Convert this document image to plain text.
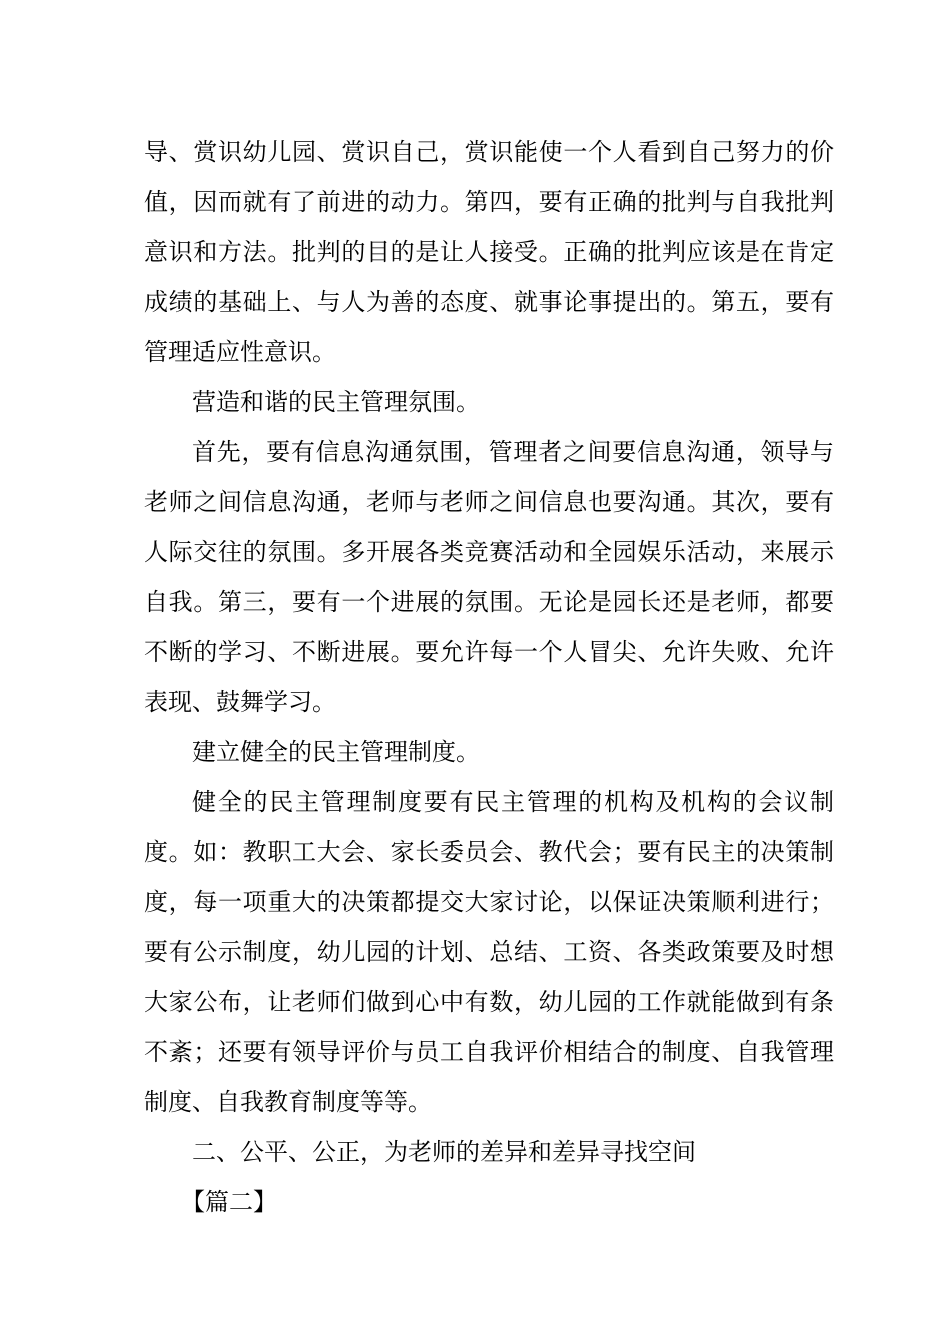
导、赏识幼儿园、赏识自己，赏识能使一个人看到自己努力的价值，因而就有了前进的动力。第四，要有正确的批判与自我批判意识和方法。批判的目的是让人接受。正确的批判应该是在肯定成绩的基础上、与人为善的态度、就事论事提出的。第五，要有管理适应性意识。

营造和谐的民主管理氛围。

首先，要有信息沟通氛围，管理者之间要信息沟通，领导与老师之间信息沟通，老师与老师之间信息也要沟通。其次，要有人际交往的氛围。多开展各类竞赛活动和全园娱乐活动，来展示自我。第三，要有一个进展的氛围。无论是园长还是老师，都要不断的学习、不断进展。要允许每一个人冒尖、允许失败、允许表现、鼓舞学习。

建立健全的民主管理制度。

健全的民主管理制度要有民主管理的机构及机构的会议制度。如：教职工大会、家长委员会、教代会；要有民主的决策制度，每一项重大的决策都提交大家讨论，以保证决策顺利进行；要有公示制度，幼儿园的计划、总结、工资、各类政策要及时想大家公布，让老师们做到心中有数，幼儿园的工作就能做到有条不紊；还要有领导评价与员工自我评价相结合的制度、自我管理制度、自我教育制度等等。

二、公平、公正，为老师的差异和差异寻找空间

【篇二】
